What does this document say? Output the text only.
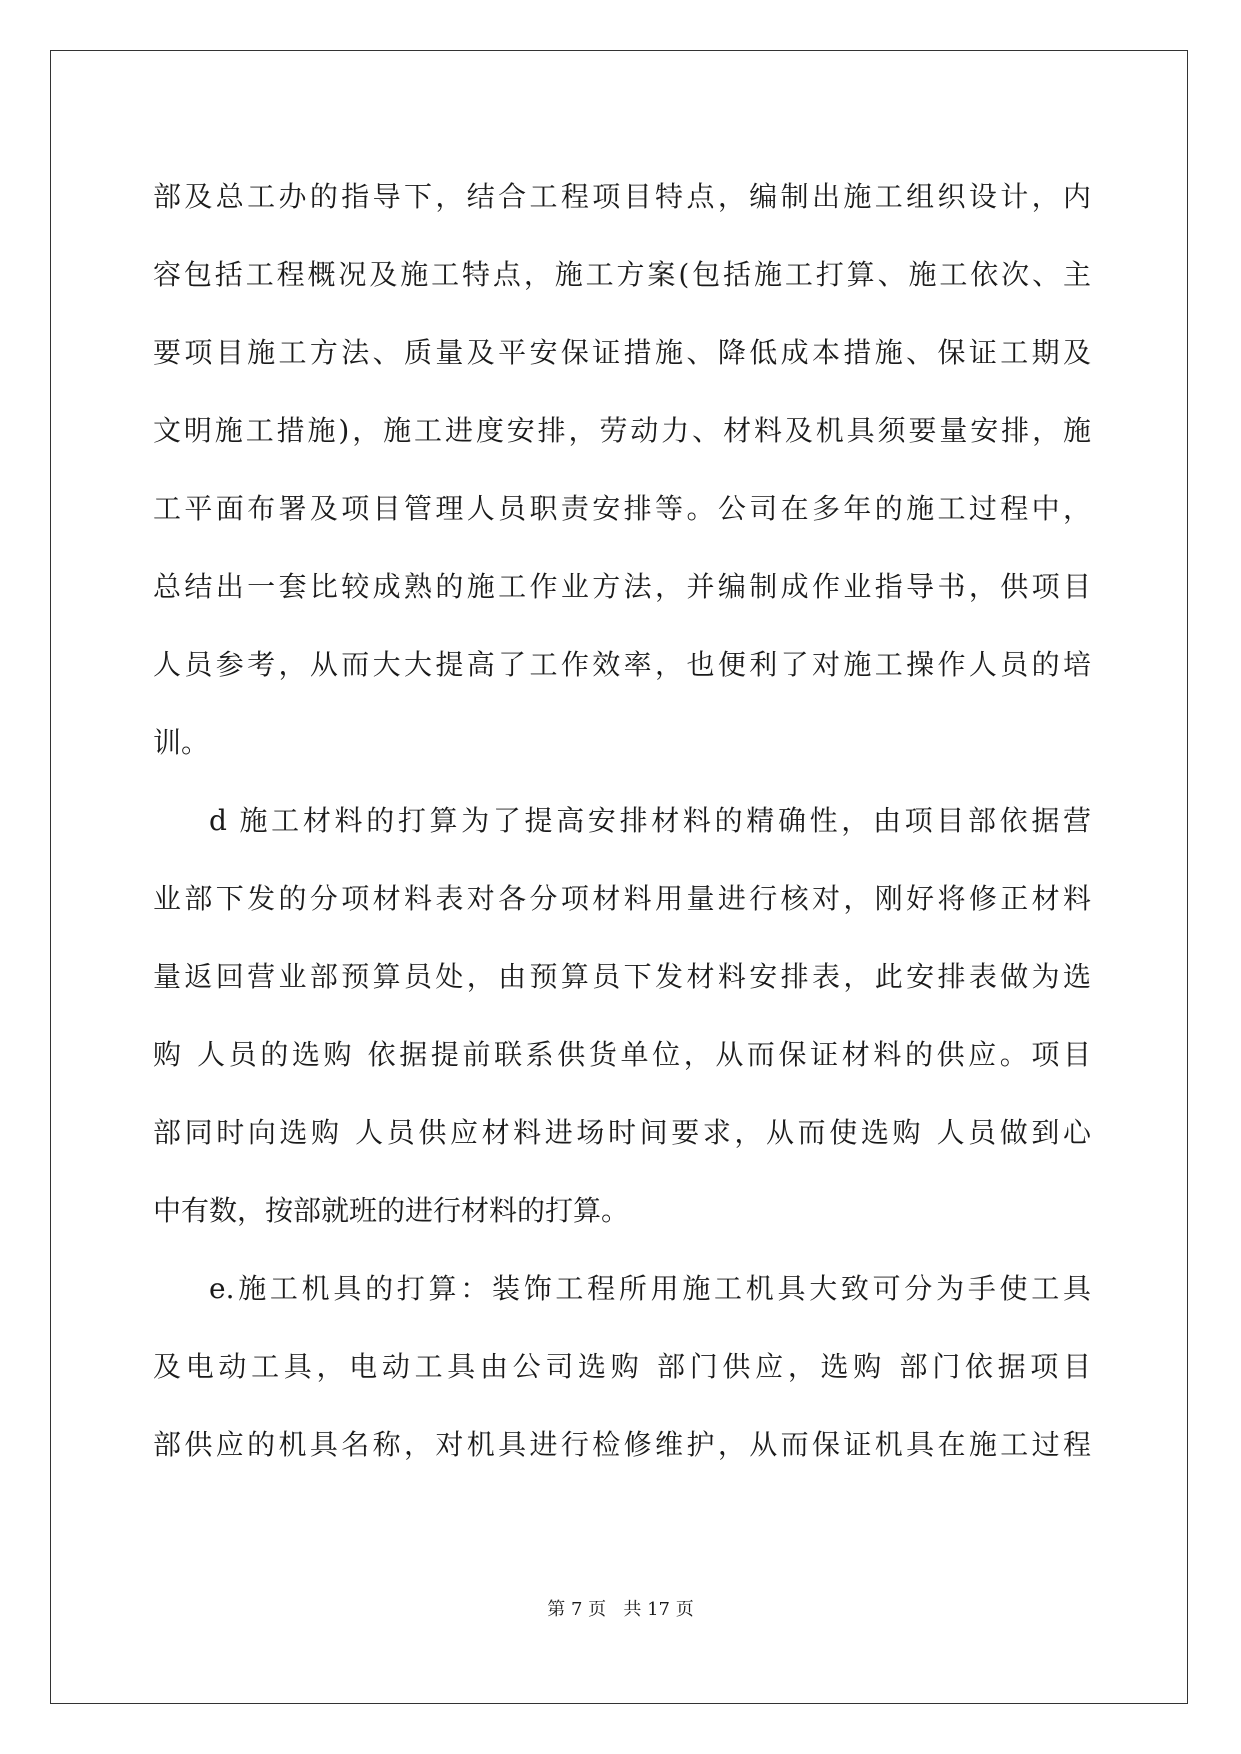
部及总工办的指导下，结合工程项目特点，编制出施工组织设计，内
容包括工程概况及施工特点，施工方案(包括施工打算、施工依次、主
要项目施工方法、质量及平安保证措施、降低成本措施、保证工期及
文明施工措施)，施工进度安排，劳动力、材料及机具须要量安排，施
工平面布署及项目管理人员职责安排等。公司在多年的施工过程中，
总结出一套比较成熟的施工作业方法，并编制成作业指导书，供项目
人员参考，从而大大提高了工作效率，也便利了对施工操作人员的培
训。
d 施工材料的打算为了提高安排材料的精确性，由项目部依据营
业部下发的分项材料表对各分项材料用量进行核对，刚好将修正材料
量返回营业部预算员处，由预算员下发材料安排表，此安排表做为选
购 人员的选购 依据提前联系供货单位，从而保证材料的供应。项目
部同时向选购 人员供应材料进场时间要求，从而使选购 人员做到心
中有数，按部就班的进行材料的打算。
e.施工机具的打算：装饰工程所用施工机具大致可分为手使工具
及电动工具，电动工具由公司选购 部门供应，选购 部门依据项目
部供应的机具名称，对机具进行检修维护，从而保证机具在施工过程
第 7 页   共 17 页
